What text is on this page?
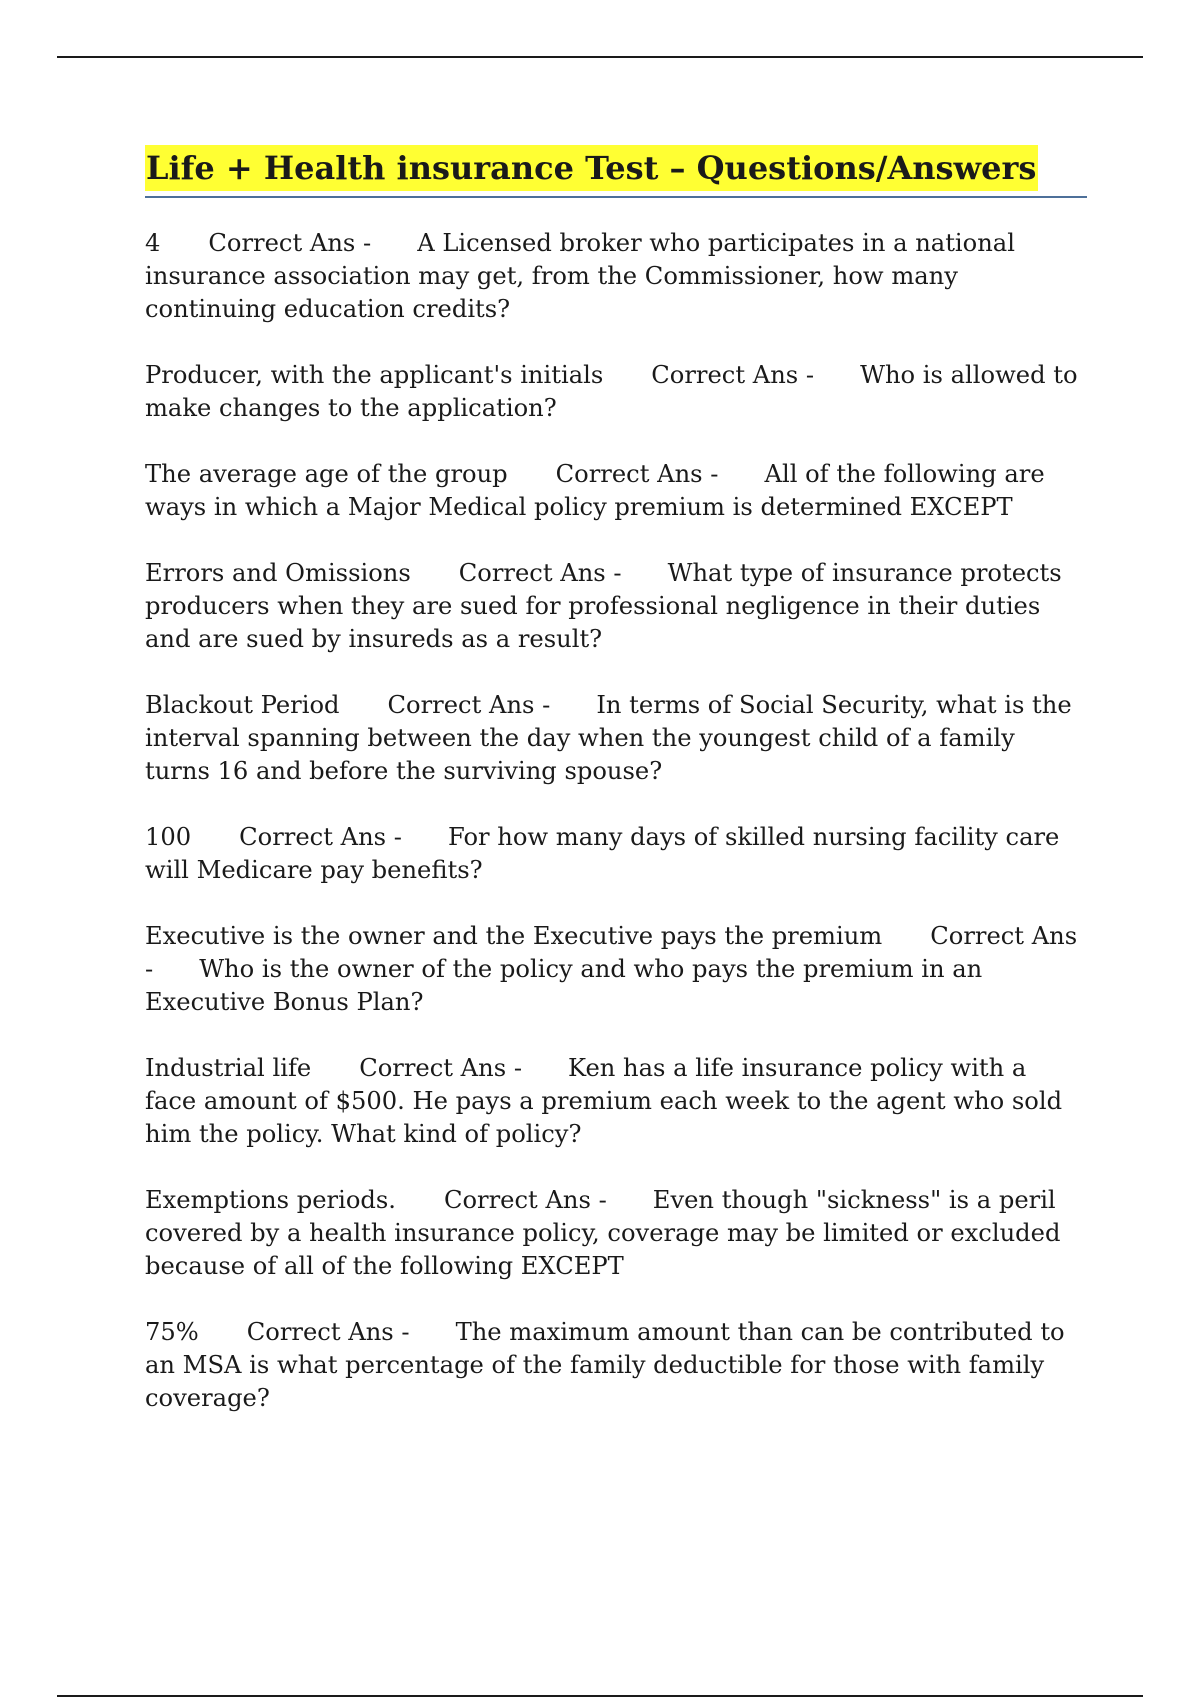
Life + Health insurance Test – Questions/Answers

4 Correct Ans - A Licensed broker who participates in a national insurance association may get, from the Commissioner, how many continuing education credits?

Producer, with the applicant's initials Correct Ans - Who is allowed to make changes to the application?

The average age of the group Correct Ans - All of the following are ways in which a Major Medical policy premium is determined EXCEPT

Errors and Omissions Correct Ans - What type of insurance protects producers when they are sued for professional negligence in their duties and are sued by insureds as a result?

Blackout Period Correct Ans - In terms of Social Security, what is the interval spanning between the day when the youngest child of a family turns 16 and before the surviving spouse?

100 Correct Ans - For how many days of skilled nursing facility care will Medicare pay benefits?

Executive is the owner and the Executive pays the premium Correct Ans - Who is the owner of the policy and who pays the premium in an Executive Bonus Plan?

Industrial life Correct Ans - Ken has a life insurance policy with a face amount of $500. He pays a premium each week to the agent who sold him the policy. What kind of policy?

Exemptions periods. Correct Ans - Even though "sickness" is a peril covered by a health insurance policy, coverage may be limited or excluded because of all of the following EXCEPT

75% Correct Ans - The maximum amount than can be contributed to an MSA is what percentage of the family deductible for those with family coverage?
